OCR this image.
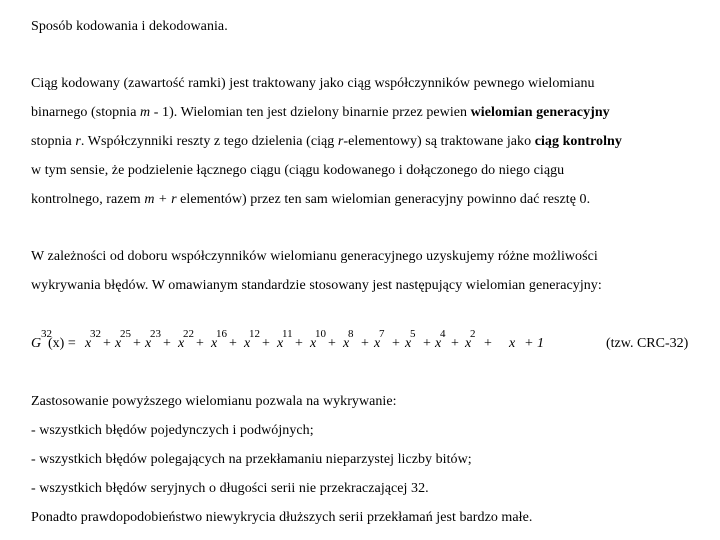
Sposób kodowania i dekodowania.
Ciąg kodowany (zawartość ramki) jest traktowany jako ciąg współczynników pewnego wielomianu
binarnego (stopnia m - 1). Wielomian ten jest dzielony binarnie przez pewien wielomian generacyjny
stopnia r. Współczynniki reszty z tego dzielenia (ciąg r-elementowy) są traktowane jako ciąg kontrolny
w tym sensie, że podzielenie łącznego ciągu (ciągu kodowanego i dołączonego do niego ciągu
kontrolnego, razem m + r elementów) przez ten sam wielomian generacyjny powinno dać resztę 0.
W zależności od doboru współczynników wielomianu generacyjnego uzyskujemy różne możliwości
wykrywania błędów. W omawianym standardzie stosowany jest następujący wielomian generacyjny:
G
32
(x) = x
32
+ x
25
+ x
23
+ x
22
+ x
16
+ x
12
+ x
11
+ x
10
+ x
8
+ x
7
+ x
5
+ x
4
+ x
2
+ x + 1	(tzw. CRC-32)
Zastosowanie powyższego wielomianu pozwala na wykrywanie:
- wszystkich błędów pojedynczych i podwójnych;
- wszystkich błędów polegających na przekłamaniu nieparzystej liczby bitów;
- wszystkich błędów seryjnych o długości serii nie przekraczającej 32.
Ponadto prawdopodobieństwo niewykrycia dłuższych serii przekłamań jest bardzo małe.
